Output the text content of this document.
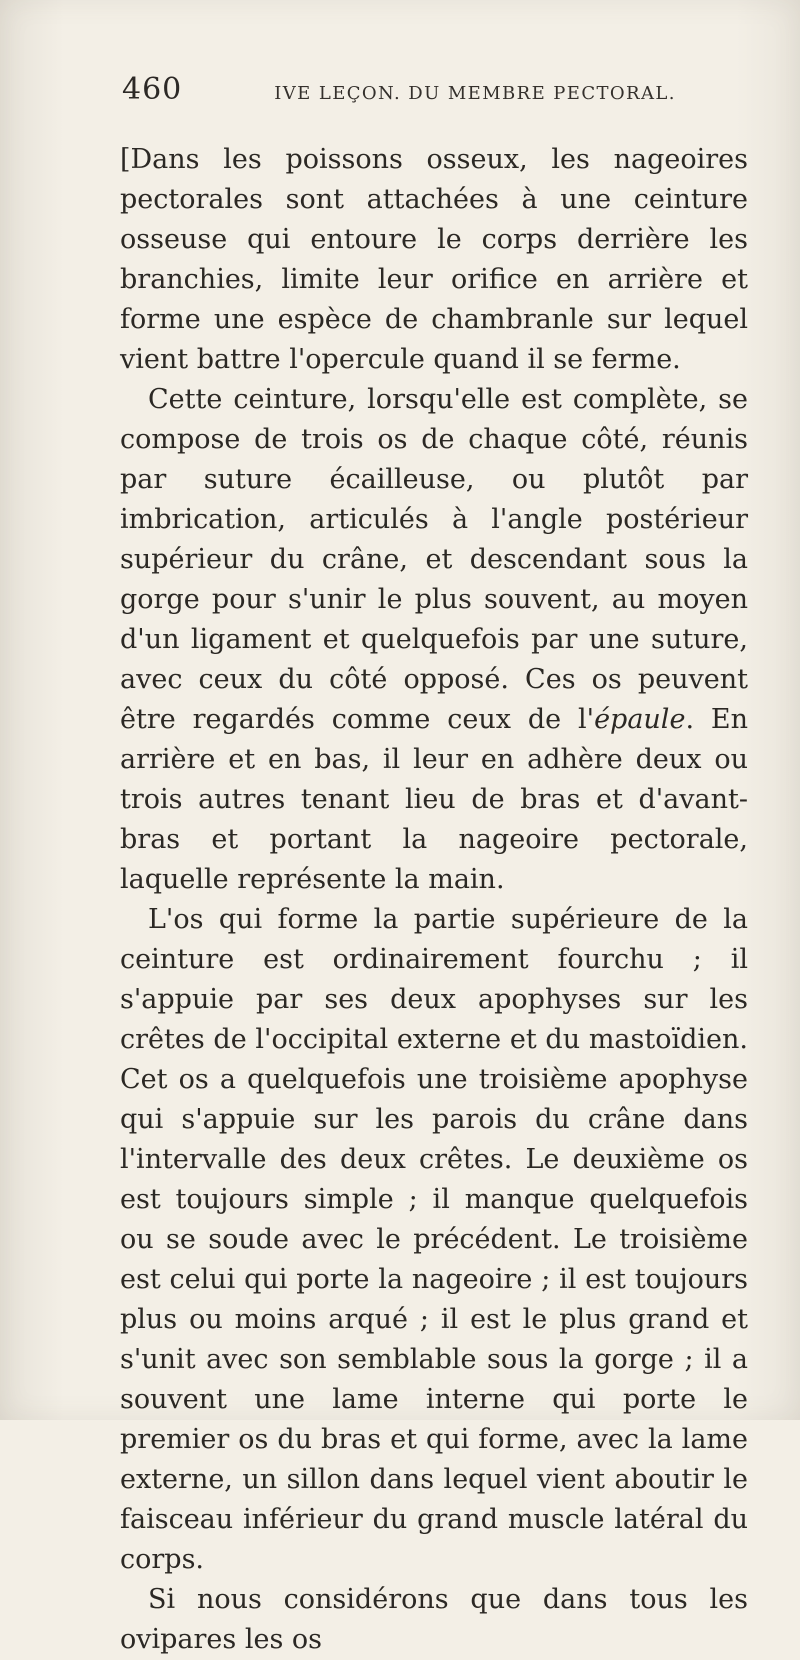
460	IVE LEÇON. DU MEMBRE PECTORAL.

[Dans les poissons osseux, les nageoires pectorales sont attachées à une ceinture osseuse qui entoure le corps derrière les branchies, limite leur orifice en arrière et forme une espèce de chambranle sur lequel vient battre l'opercule quand il se ferme.

Cette ceinture, lorsqu'elle est complète, se compose de trois os de chaque côté, réunis par suture écailleuse, ou plutôt par imbrication, articulés à l'angle postérieur supérieur du crâne, et descendant sous la gorge pour s'unir le plus souvent, au moyen d'un ligament et quelquefois par une suture, avec ceux du côté opposé. Ces os peuvent être regardés comme ceux de l'épaule. En arrière et en bas, il leur en adhère deux ou trois autres tenant lieu de bras et d'avant-bras et portant la nageoire pectorale, laquelle représente la main.

L'os qui forme la partie supérieure de la ceinture est ordinairement fourchu ; il s'appuie par ses deux apophyses sur les crêtes de l'occipital externe et du mastoïdien. Cet os a quelquefois une troisième apophyse qui s'appuie sur les parois du crâne dans l'intervalle des deux crêtes. Le deuxième os est toujours simple ; il manque quelquefois ou se soude avec le précédent. Le troisième est celui qui porte la nageoire ; il est toujours plus ou moins arqué ; il est le plus grand et s'unit avec son semblable sous la gorge ; il a souvent une lame interne qui porte le premier os du bras et qui forme, avec la lame externe, un sillon dans lequel vient aboutir le faisceau inférieur du grand muscle latéral du corps.

Si nous considérons que dans tous les ovipares les os
